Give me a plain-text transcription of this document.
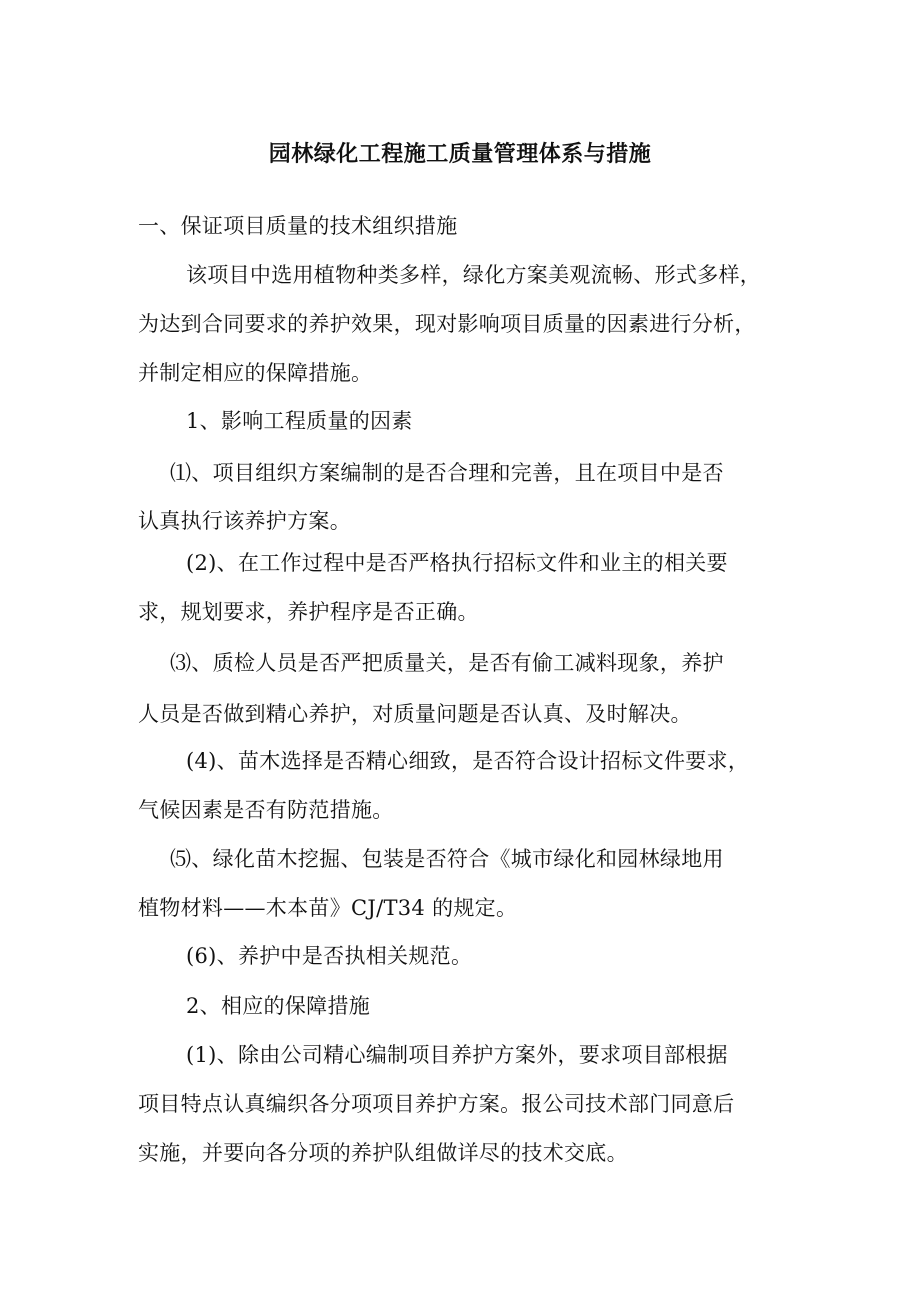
园林绿化工程施工质量管理体系与措施
一、保证项目质量的技术组织措施
该项目中选用植物种类多样，绿化方案美观流畅、形式多样，
为达到合同要求的养护效果，现对影响项目质量的因素进行分析，
并制定相应的保障措施。
1、影响工程质量的因素
⑴、项目组织方案编制的是否合理和完善，且在项目中是否
认真执行该养护方案。
(2)、在工作过程中是否严格执行招标文件和业主的相关要
求，规划要求，养护程序是否正确。
⑶、质检人员是否严把质量关，是否有偷工减料现象，养护
人员是否做到精心养护，对质量问题是否认真、及时解决。
(4)、苗木选择是否精心细致，是否符合设计招标文件要求，
气候因素是否有防范措施。
⑸、绿化苗木挖掘、包装是否符合《城市绿化和园林绿地用
植物材料——木本苗》CJ/T34 的规定。
(6)、养护中是否执相关规范。
2、相应的保障措施
(1)、除由公司精心编制项目养护方案外，要求项目部根据
项目特点认真编织各分项项目养护方案。报公司技术部门同意后
实施，并要向各分项的养护队组做详尽的技术交底。
